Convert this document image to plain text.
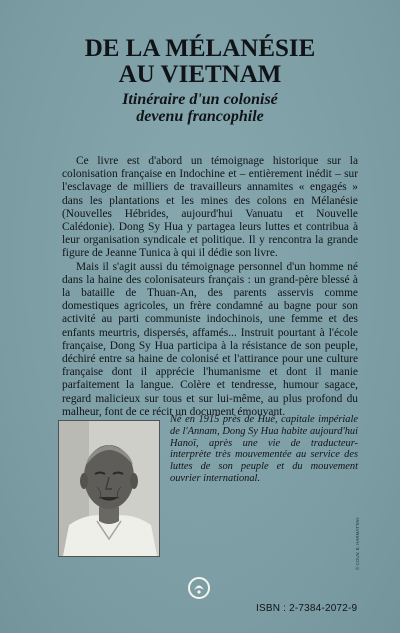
DE LA MÉLANÉSIE
AU VIETNAM
Itinéraire d'un colonisé
devenu francophile

Ce livre est d'abord un témoignage historique sur la colonisation française en Indochine et – entièrement inédit – sur l'esclavage de milliers de travailleurs annamites « engagés » dans les plantations et les mines des colons en Mélanésie (Nouvelles Hébrides, aujourd'hui Vanuatu et Nouvelle Calédonie). Dong Sy Hua y partagea leurs luttes et contribua à leur organisation syndicale et politique. Il y rencontra la grande figure de Jeanne Tunica à qui il dédie son livre.

Mais il s'agit aussi du témoignage personnel d'un homme né dans la haine des colonisateurs français : un grand-père blessé à la bataille de Thuan-An, des parents asservis comme domestiques agricoles, un frère condamné au bagne pour son activité au parti communiste indochinois, une femme et des enfants meurtris, dispersés, affamés... Instruit pourtant à l'école française, Dong Sy Hua participa à la résistance de son peuple, déchiré entre sa haine de colonisé et l'attirance pour une culture française dont il apprécie l'humanisme et dont il manie parfaitement la langue. Colère et tendresse, humour sagace, regard malicieux sur tous et sur lui-même, au plus profond du malheur, font de ce récit un document émouvant.

Né en 1915 près de Huê, capitale impériale de l'Annam, Dong Sy Hua habite aujourd'hui Hanoï, après une vie de traducteur-interprète très mouvementée au service des luttes de son peuple et du mouvement ouvrier international.

ISBN : 2-7384-2072-9

© COUV. B. HARMATTAN
